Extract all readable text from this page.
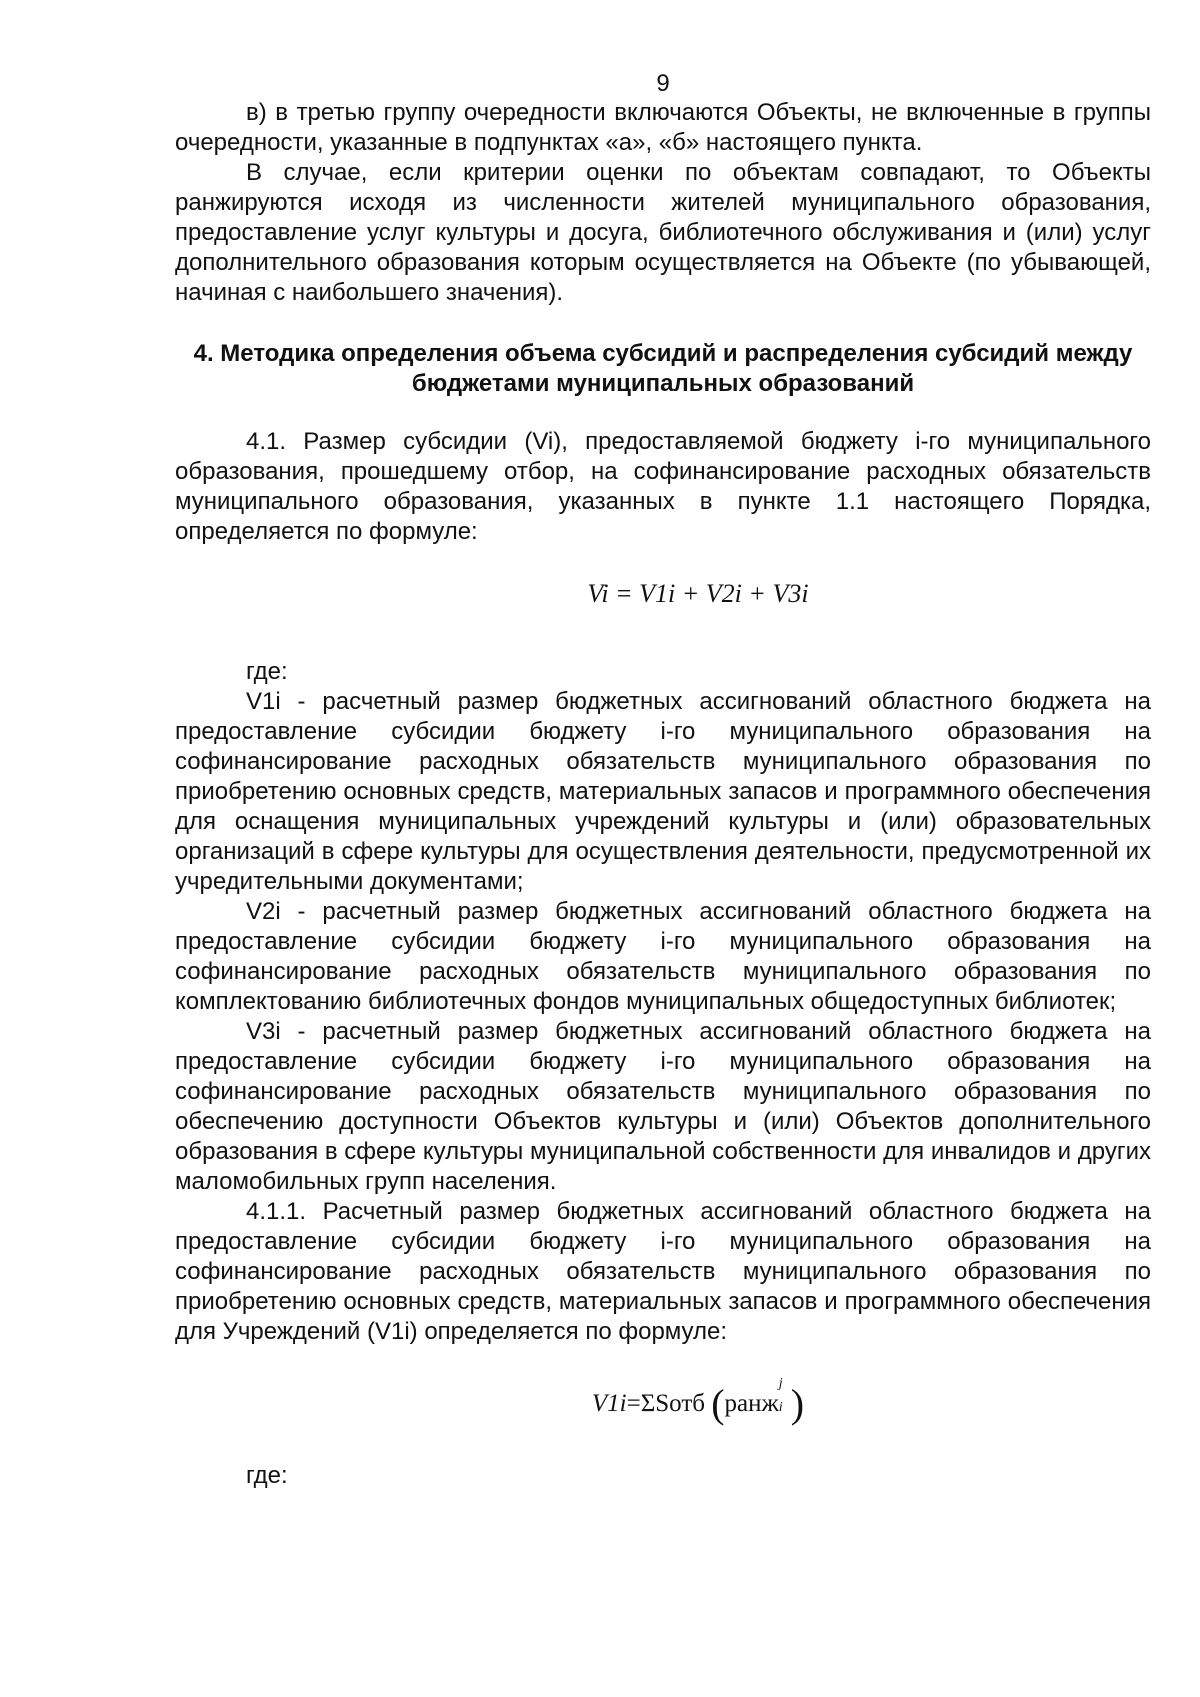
9

в) в третью группу очередности включаются Объекты, не включенные в группы очередности, указанные в подпунктах «а», «б» настоящего пункта.

В случае, если критерии оценки по объектам совпадают, то Объекты ранжируются исходя из численности жителей муниципального образования, предоставление услуг культуры и досуга, библиотечного обслуживания и (или) услуг дополнительного образования которым осуществляется на Объекте (по убывающей, начиная с наибольшего значения).

4. Методика определения объема субсидий и распределения субсидий между бюджетами муниципальных образований

4.1. Размер субсидии (Vi), предоставляемой бюджету i-го муниципального образования, прошедшему отбор, на софинансирование расходных обязательств муниципального образования, указанных в пункте 1.1 настоящего Порядка, определяется по формуле:

Vi = V1i + V2i + V3i

где:

V1i - расчетный размер бюджетных ассигнований областного бюджета на предоставление субсидии бюджету i-го муниципального образования на софинансирование расходных обязательств муниципального образования по приобретению основных средств, материальных запасов и программного обеспечения для оснащения муниципальных учреждений культуры и (или) образовательных организаций в сфере культуры для осуществления деятельности, предусмотренной их учредительными документами;

V2i - расчетный размер бюджетных ассигнований областного бюджета на предоставление субсидии бюджету i-го муниципального образования на софинансирование расходных обязательств муниципального образования по комплектованию библиотечных фондов муниципальных общедоступных библиотек;

V3i - расчетный размер бюджетных ассигнований областного бюджета на предоставление субсидии бюджету i-го муниципального образования на софинансирование расходных обязательств муниципального образования по обеспечению доступности Объектов культуры и (или) Объектов дополнительного образования в сфере культуры муниципальной собственности для инвалидов и других маломобильных групп населения.

4.1.1. Расчетный размер бюджетных ассигнований областного бюджета на предоставление субсидии бюджету i-го муниципального образования на софинансирование расходных обязательств муниципального образования по приобретению основных средств, материальных запасов и программного обеспечения для Учреждений (V1i) определяется по формуле:

V1i=ΣSотб (ранж
j
i )

где:
